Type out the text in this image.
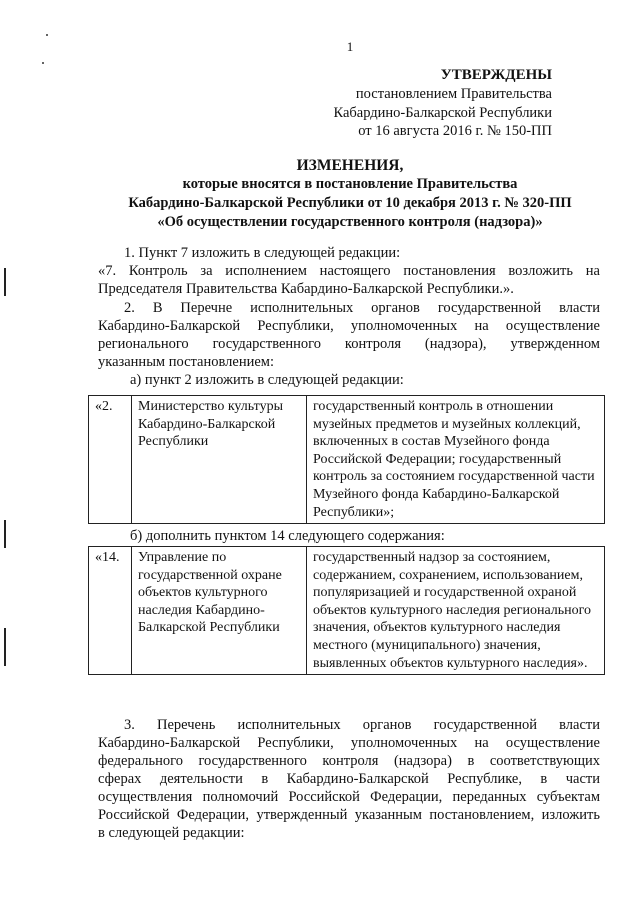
1
УТВЕРЖДЕНЫ
постановлением Правительства
Кабардино-Балкарской Республики
от 16 августа 2016 г. № 150-ПП
ИЗМЕНЕНИЯ,
которые вносятся в постановление Правительства
Кабардино-Балкарской Республики от 10 декабря 2013 г. № 320-ПП
«Об осуществлении государственного контроля (надзора)»
1. Пункт 7 изложить в следующей редакции:
«7. Контроль за исполнением настоящего постановления возложить на
Председателя Правительства Кабардино-Балкарской Республики.».
2. В Перечне исполнительных органов государственной власти
Кабардино-Балкарской Республики, уполномоченных на осуществление
регионального государственного контроля (надзора), утвержденном
указанным постановлением:
а) пункт 2 изложить в следующей редакции:
«2.	Министерство культуры Кабардино-Балкарской Республики	государственный контроль в отношении музейных предметов и музейных коллекций, включенных в состав Музейного фонда Российской Федерации; государственный контроль за состоянием государственной части Музейного фонда Кабардино-Балкарской Республики»;
б) дополнить пунктом 14 следующего содержания:
«14.	Управление по государственной охране объектов культурного наследия Кабардино-Балкарской Республики	государственный надзор за состоянием, содержанием, сохранением, использованием, популяризацией и государственной охраной объектов культурного наследия регионального значения, объектов культурного наследия местного (муниципального) значения, выявленных объектов культурного наследия».
3. Перечень исполнительных органов государственной власти
Кабардино-Балкарской Республики, уполномоченных на осуществление
федерального государственного контроля (надзора) в соответствующих
сферах деятельности в Кабардино-Балкарской Республике, в части
осуществления полномочий Российской Федерации, переданных субъектам
Российской Федерации, утвержденный указанным постановлением, изложить
в следующей редакции:
